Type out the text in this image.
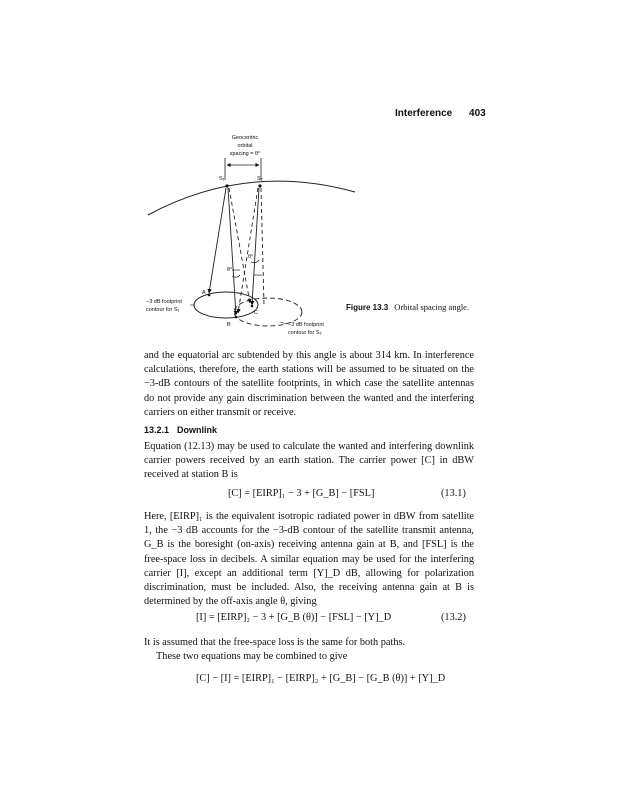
Interference 403
Geocentric
orbital
spacing = θ°
S₁	S₂
θ°
θ°
A
B
C
−3 dB footprint
contour for S₁
−3 dB footprint
contour for S₂
Figure 13.3 Orbital spacing angle.
and the equatorial arc subtended by this angle is about 314 km. In interference calculations, therefore, the earth stations will be assumed to be situated on the −3-dB contours of the satellite footprints, in which case the satellite antennas do not provide any gain discrimination between the wanted and the interfering carriers on either transmit or receive.
13.2.1 Downlink
Equation (12.13) may be used to calculate the wanted and interfering downlink carrier powers received by an earth station. The carrier power [C] in dBW received at station B is
[C] = [EIRP]₁ − 3 + [G_B] − [FSL]	(13.1)
Here, [EIRP]₁ is the equivalent isotropic radiated power in dBW from satellite 1, the −3 dB accounts for the −3-dB contour of the satellite transmit antenna, G_B is the boresight (on-axis) receiving antenna gain at B, and [FSL] is the free-space loss in decibels. A similar equation may be used for the interfering carrier [I], except an additional term [Y]_D dB, allowing for polarization discrimination, must be included. Also, the receiving antenna gain at B is determined by the off-axis angle θ, giving
[I] = [EIRP]₂ − 3 + [G_B (θ)] − [FSL] − [Y]_D	(13.2)
It is assumed that the free-space loss is the same for both paths.
These two equations may be combined to give
[C] − [I] = [EIRP]₁ − [EIRP]₂ + [G_B] − [G_B (θ)] + [Y]_D
